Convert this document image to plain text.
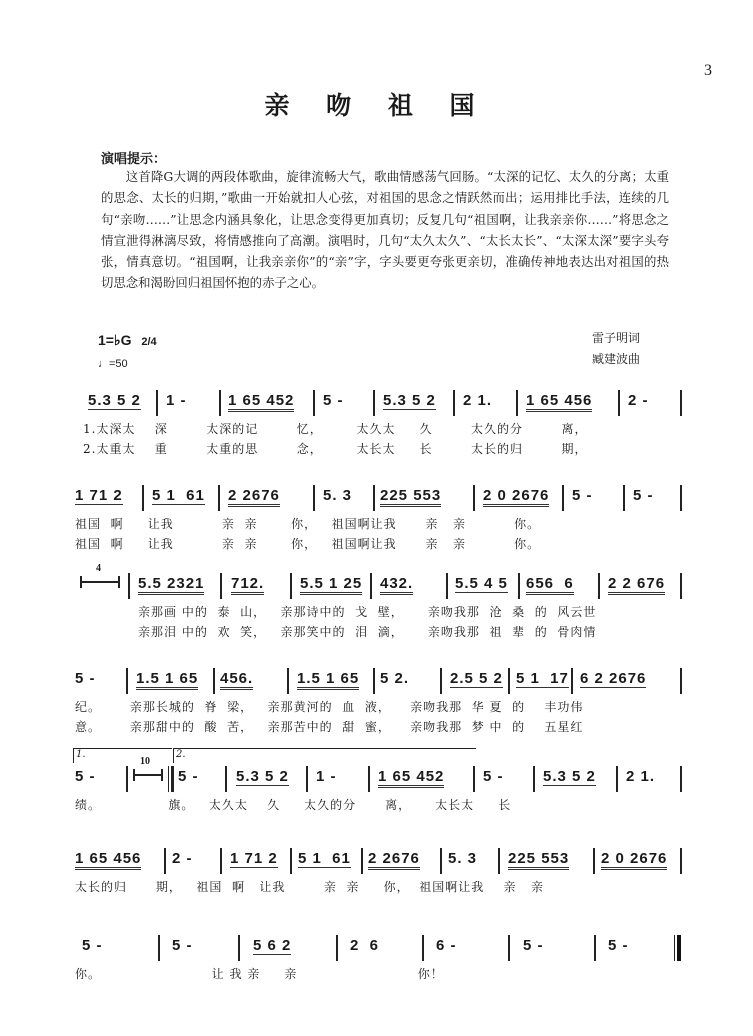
3
亲 吻 祖 国
演唱提示：
这首降G大调的两段体歌曲，旋律流畅大气，歌曲情感荡气回肠。“太深的记忆、太久的分离；太重的思念、太长的归期，”歌曲一开始就扣人心弦，对祖国的思念之情跃然而出；运用排比手法，连续的几句“亲吻……”让思念内涵具象化，让思念变得更加真切；反复几句“祖国啊，让我亲亲你……”将思念之情宣泄得淋漓尽致，将情感推向了高潮。演唱时，几句“太久太久”、“太长太长”、“太深太深”要字头夸张，情真意切。“祖国啊，让我亲亲你”的“亲”字，字头要更夸张更亲切，准确传神地表达出对祖国的热切思念和渴盼回归祖国怀抱的赤子之心。
1=♭G 2/4
♩=50
雷子明词
臧建波曲
5.3 5 2 1 -	1 65 452 5 -	5.3 5 2 2 1. 1 65 456 2 -
1.太深太    深        太深的记        忆，       太久太     久        太久的分        离，
2.太重太    重        太重的思        念，       太长太     长        太长的归        期，
1 71 2 5 1  61 2 2676	5. 3 225 553	2 0 2676 5 -	5 -
祖国  啊     让我          亲  亲       你，   祖国啊让我      亲   亲          你。
祖国  啊     让我          亲  亲       你，   祖国啊让我      亲   亲          你。
4
5.5 2321 712. 5.5 1 25 432.	5.5 4 5 656  6 2 2 676
亲那画 中的  泰  山，   亲那诗中的  戈  壁，     亲吻我那  沧  桑  的  风云世
亲那泪 中的  欢  笑，   亲那笑中的  泪  滴，     亲吻我那  祖  辈  的  骨肉情
5 -	1.5 1 65 456.	1.5 1 65 5 2.	2.5 5 2 5 1  17 6 2 2676
纪。      亲那长城的  脊  梁，   亲那黄河的  血  液，    亲吻我那  华 夏  的    丰功伟
意。      亲那甜中的  酸  苦，   亲那苦中的  甜  蜜，    亲吻我那  梦 中  的    五星红
1.	2.
5 -
10
5 - 5.3 5 2 1 -	1 65 452	5 -	5.3 5 2 2 1.
绩。              旗。   太久太    久     太久的分      离，     太长太     长
1 65 456 2 - 1 71 2 5 1  61 2 2676 5. 3 225 553 2 0 2676
太长的归      期，   祖国  啊   让我        亲  亲     你，  祖国啊让我    亲   亲
5 -	5 -	5 6 2	2  6	6 -	5 -	5 -
你。                       让 我 亲     亲                         你！
